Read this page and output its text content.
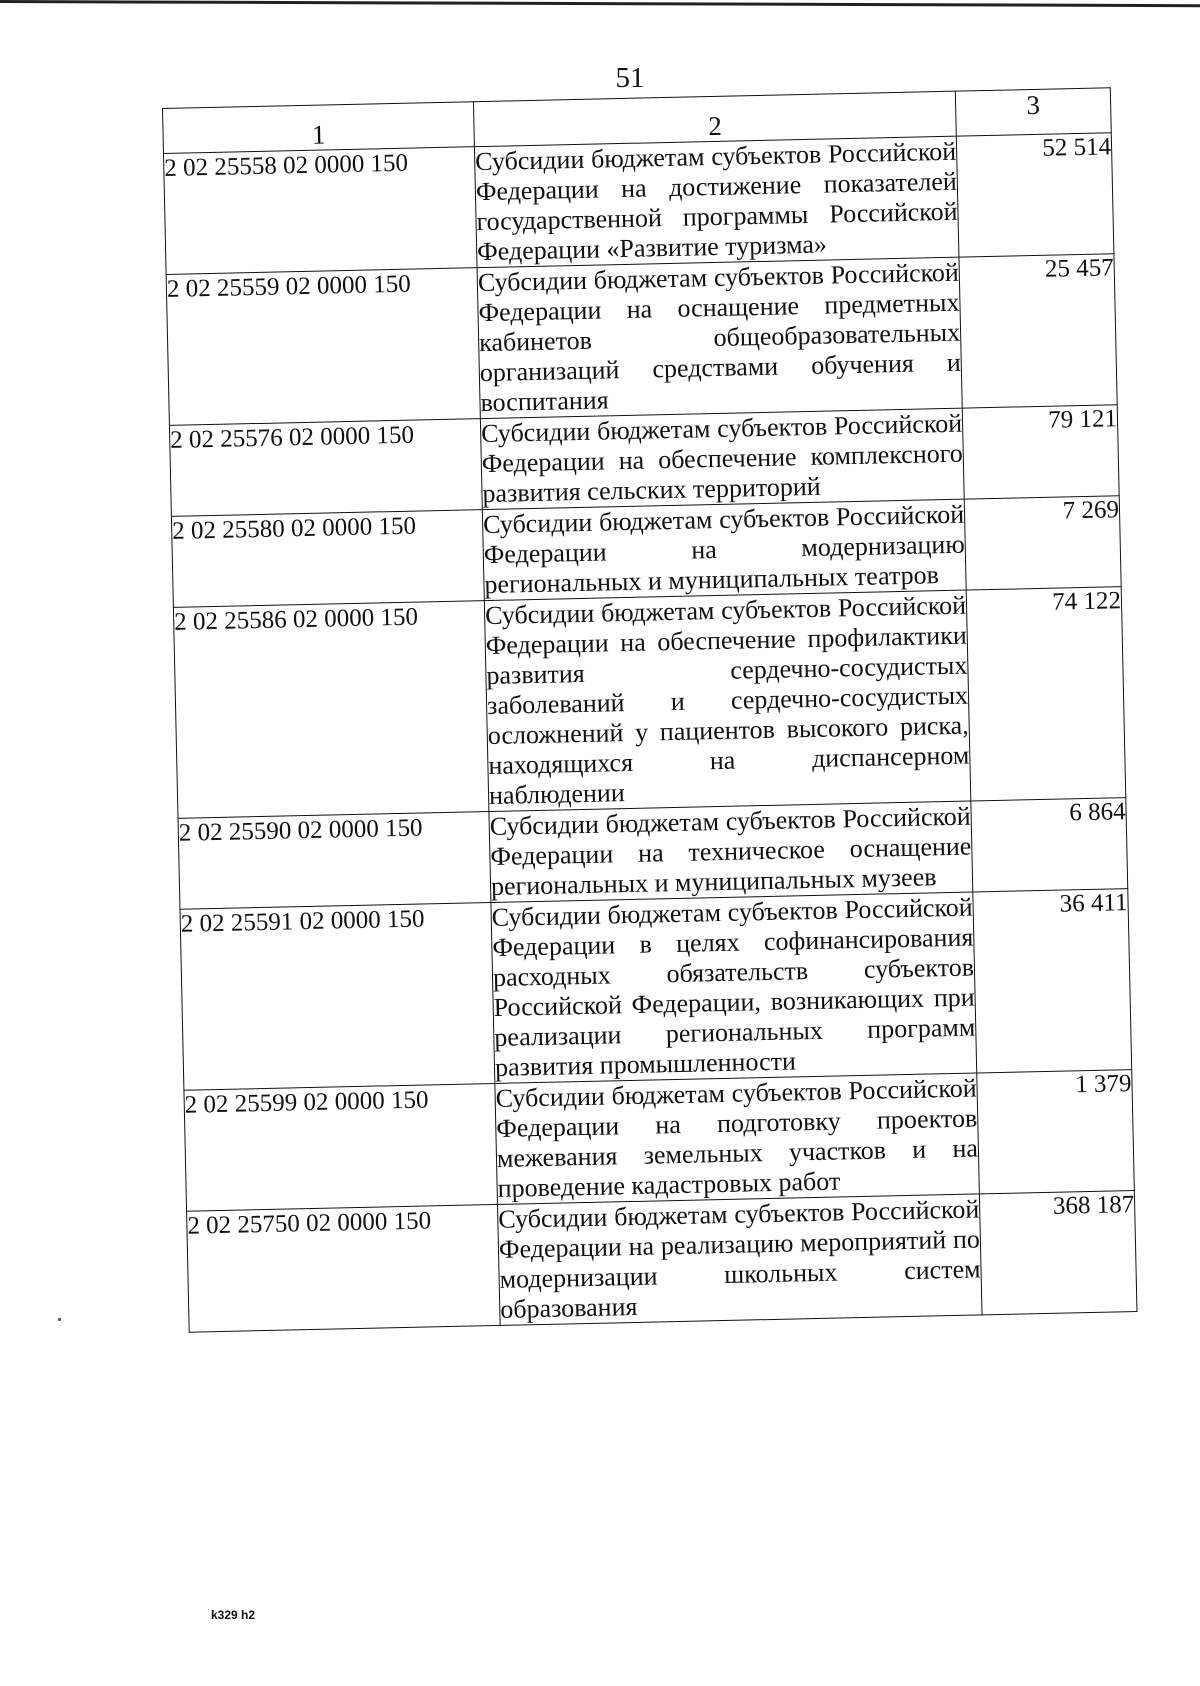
51
1	2	3
2 02 25558 02 0000 150	Субсидии бюджетам субъектов Российской Федерации на достижение показателей государственной программы Российской Федерации «Развитие туризма»	52 514
2 02 25559 02 0000 150	Субсидии бюджетам субъектов Российской Федерации на оснащение предметных кабинетов общеобразовательных организаций средствами обучения и воспитания	25 457
2 02 25576 02 0000 150	Субсидии бюджетам субъектов Российской Федерации на обеспечение комплексного развития сельских территорий	79 121
2 02 25580 02 0000 150	Субсидии бюджетам субъектов Российской Федерации на модернизацию региональных и муниципальных театров	7 269
2 02 25586 02 0000 150	Субсидии бюджетам субъектов Российской Федерации на обеспечение профилактики развития сердечно-сосудистых заболеваний и сердечно-сосудистых осложнений у пациентов высокого риска, находящихся на диспансерном наблюдении	74 122
2 02 25590 02 0000 150	Субсидии бюджетам субъектов Российской Федерации на техническое оснащение региональных и муниципальных музеев	6 864
2 02 25591 02 0000 150	Субсидии бюджетам субъектов Российской Федерации в целях софинансирования расходных обязательств субъектов Российской Федерации, возникающих при реализации региональных программ развития промышленности	36 411
2 02 25599 02 0000 150	Субсидии бюджетам субъектов Российской Федерации на подготовку проектов межевания земельных участков и на проведение кадастровых работ	1 379
2 02 25750 02 0000 150	Субсидии бюджетам субъектов Российской Федерации на реализацию мероприятий по модернизации школьных систем образования	368 187
k329 h2
